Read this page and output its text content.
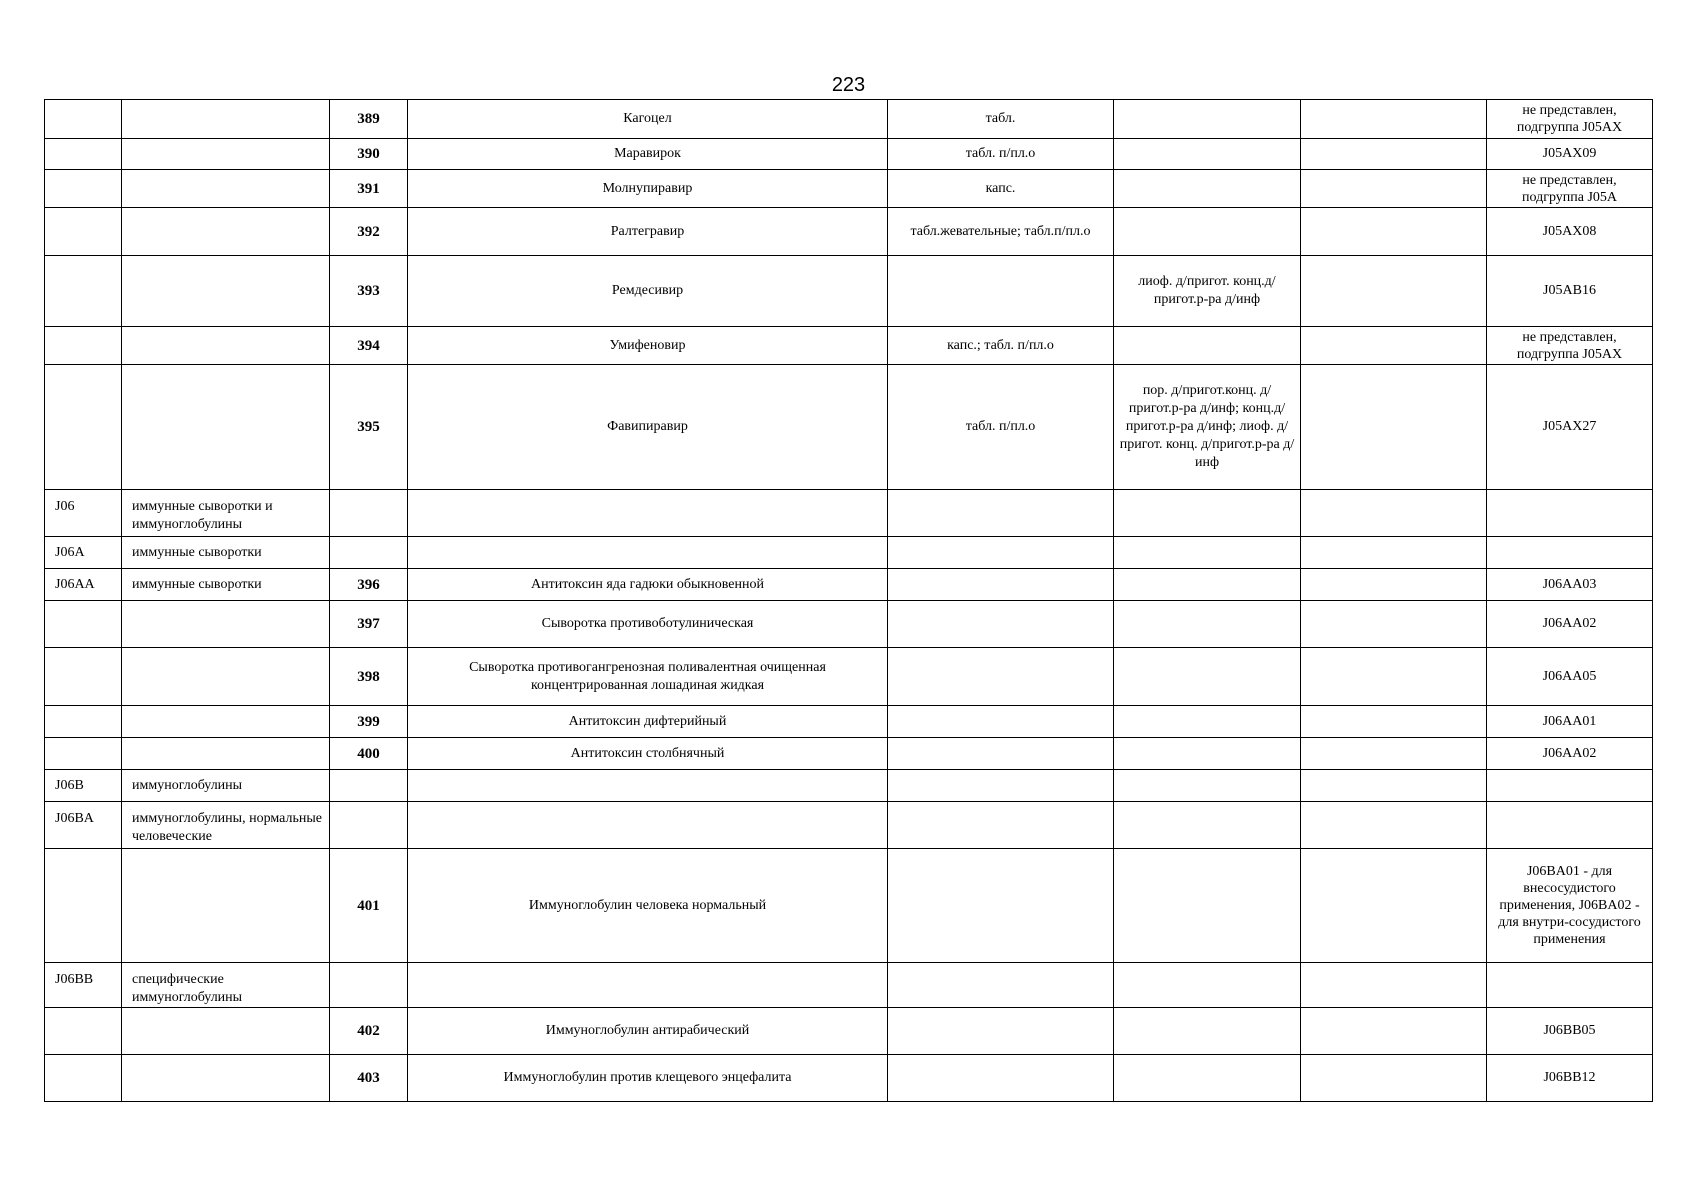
223
		389	Кагоцел	табл.			не представлен, подгруппа J05AX
		390	Маравирок	табл. п/пл.о			J05AX09
		391	Молнупиравир	капс.			не представлен, подгруппа J05A
		392	Ралтегравир	табл.жевательные; табл.п/пл.о			J05AX08
		393	Ремдесивир		лиоф. д/пригот. конц.д/пригот.р-ра д/инф		J05AB16
		394	Умифеновир	капс.; табл. п/пл.о			не представлен, подгруппа J05AX
		395	Фавипиравир	табл. п/пл.о	пор. д/пригот.конц. д/пригот.р-ра д/инф; конц.д/пригот.р-ра д/инф; лиоф. д/пригот. конц. д/пригот.р-ра д/инф		J05AX27
J06	иммунные сыворотки и иммуноглобулины						
J06A	иммунные сыворотки						
J06AA	иммунные сыворотки	396	Антитоксин яда гадюки обыкновенной				J06AA03
		397	Сыворотка противоботулиническая				J06AA02
		398	Сыворотка противогангренозная поливалентная очищенная концентрированная лошадиная жидкая				J06AA05
		399	Антитоксин дифтерийный				J06AA01
		400	Антитоксин столбнячный				J06AA02
J06B	иммуноглобулины						
J06BA	иммуноглобулины, нормальные человеческие						
		401	Иммуноглобулин человека нормальный				J06BA01 - для внесосудистого применения, J06BA02 - для внутри-сосудистого применения
J06BB	специфические иммуноглобулины						
		402	Иммуноглобулин антирабический				J06BB05
		403	Иммуноглобулин против клещевого энцефалита				J06BB12
